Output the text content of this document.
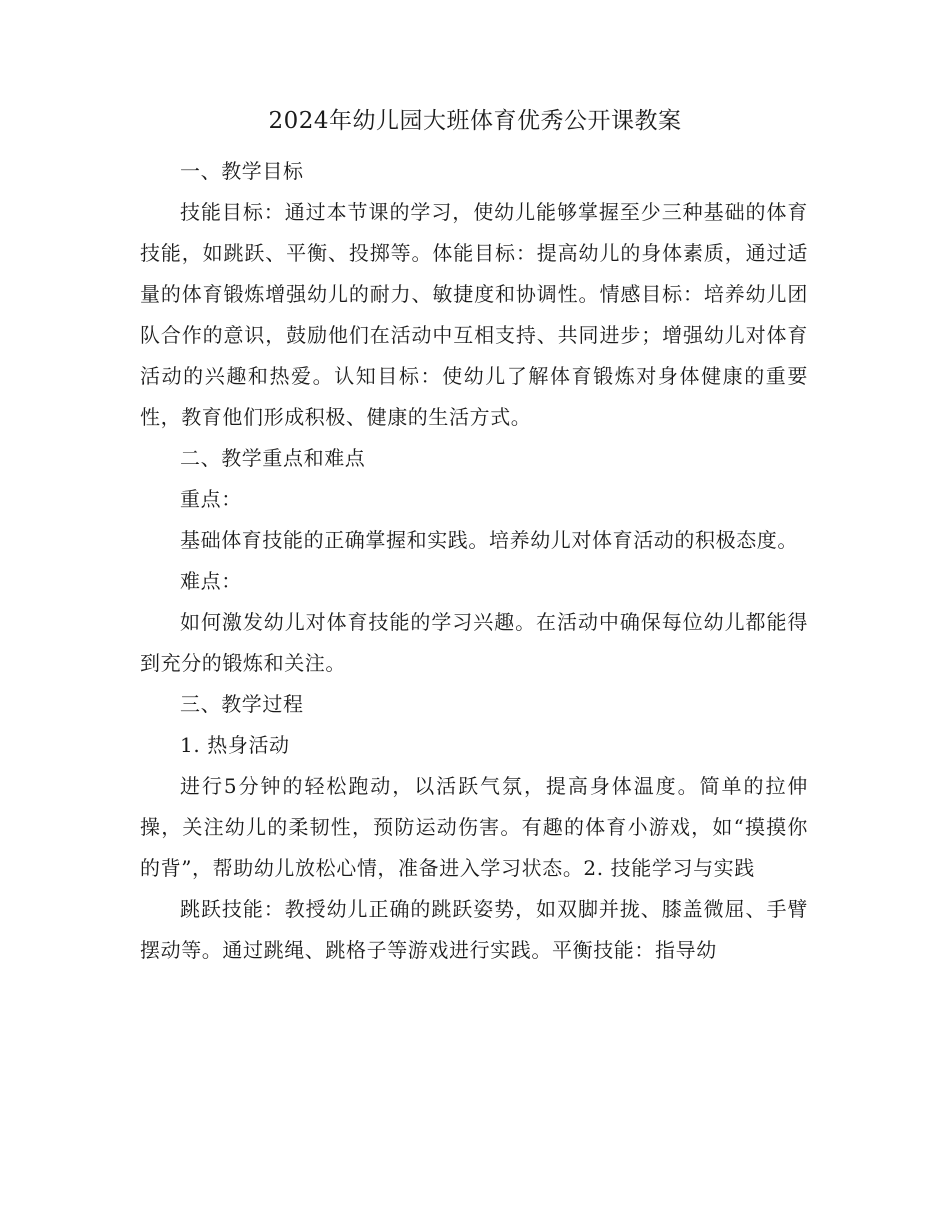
2024年幼儿园大班体育优秀公开课教案

一、教学目标

技能目标：通过本节课的学习，使幼儿能够掌握至少三种基础的体育技能，如跳跃、平衡、投掷等。体能目标：提高幼儿的身体素质，通过适量的体育锻炼增强幼儿的耐力、敏捷度和协调性。情感目标：培养幼儿团队合作的意识，鼓励他们在活动中互相支持、共同进步；增强幼儿对体育活动的兴趣和热爱。认知目标：使幼儿了解体育锻炼对身体健康的重要性，教育他们形成积极、健康的生活方式。

二、教学重点和难点

重点：

基础体育技能的正确掌握和实践。培养幼儿对体育活动的积极态度。

难点：

如何激发幼儿对体育技能的学习兴趣。在活动中确保每位幼儿都能得到充分的锻炼和关注。

三、教学过程

1. 热身活动

进行5分钟的轻松跑动，以活跃气氛，提高身体温度。简单的拉伸操，关注幼儿的柔韧性，预防运动伤害。有趣的体育小游戏，如“摸摸你的背”，帮助幼儿放松心情，准备进入学习状态。2. 技能学习与实践

跳跃技能：教授幼儿正确的跳跃姿势，如双脚并拢、膝盖微屈、手臂摆动等。通过跳绳、跳格子等游戏进行实践。平衡技能：指导幼
